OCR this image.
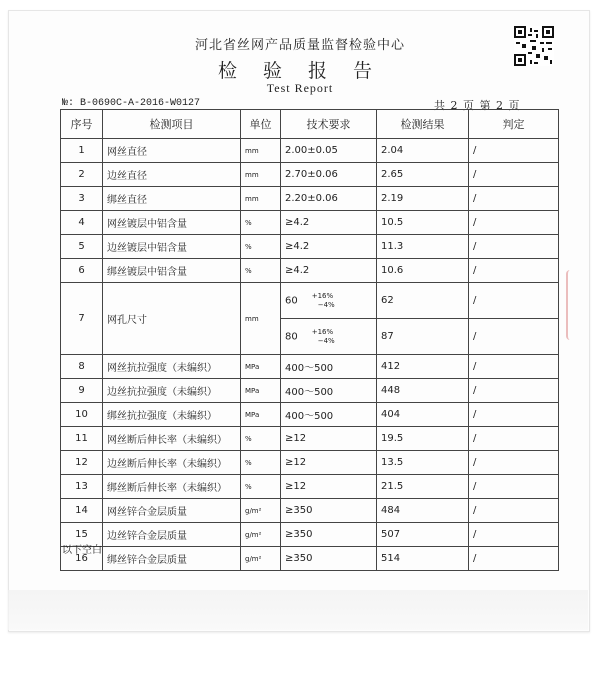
河北省丝网产品质量监督检验中心
检 验 报 告
Test Report
№: B-0690C-A-2016-W0127	共 2 页 第 2 页
序号	检测项目	单位	技术要求	检测结果	判定
1	网丝直径	mm	2.00±0.05	2.04	/
2	边丝直径	mm	2.70±0.06	2.65	/
3	绑丝直径	mm	2.20±0.06	2.19	/
4	网丝镀层中铝含量	%	≥4.2	10.5	/
5	边丝镀层中铝含量	%	≥4.2	11.3	/
6	绑丝镀层中铝含量	%	≥4.2	10.6	/
7	网孔尺寸	mm	60 +16%
−4%	62	/
			80 +16%
−4%	87	/
8	网丝抗拉强度（未编织）	MPa	400～500	412	/
9	边丝抗拉强度（未编织）	MPa	400～500	448	/
10	绑丝抗拉强度（未编织）	MPa	400～500	404	/
11	网丝断后伸长率（未编织）	%	≥12	19.5	/
12	边丝断后伸长率（未编织）	%	≥12	13.5	/
13	绑丝断后伸长率（未编织）	%	≥12	21.5	/
14	网丝锌合金层质量	g/m²	≥350	484	/
15	边丝锌合金层质量	g/m²	≥350	507	/
16	绑丝锌合金层质量	g/m²	≥350	514	/
以下空白
